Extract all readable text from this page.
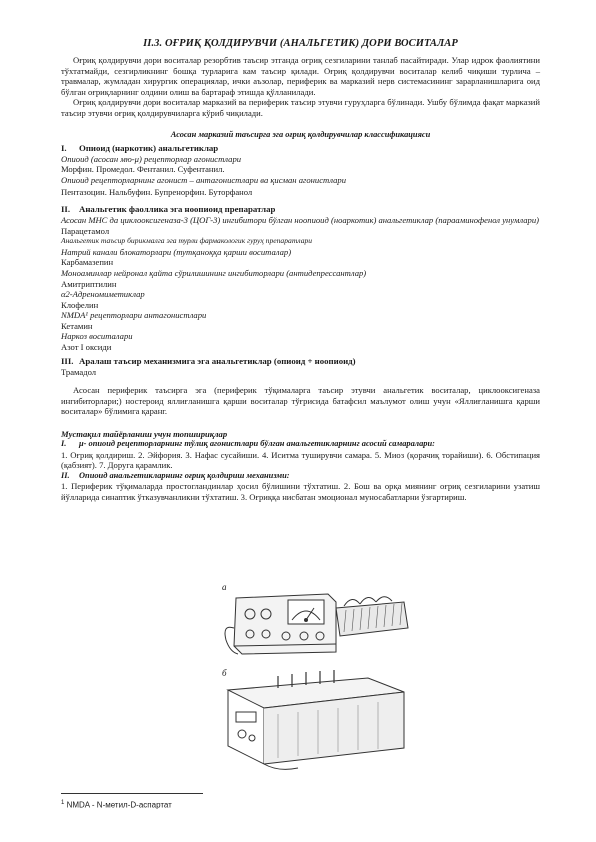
II.3. ОҒРИҚ ҚОЛДИРУВЧИ (АНАЛЬГЕТИК) ДОРИ ВОСИТАЛАР

Оғриқ қолдирувчи дори воситалар резорбтив таъсир этганда оғриқ сезгиларини танлаб пасайтиради. Улар идрок фаолиятини тўхтатмайди, сезгирликнинг бошқа турларига кам таъсир қилади. Оғриқ қолдирувчи воситалар келиб чиқиши турлича – травмалар, жумладан хирургик операциялар, ички аъзолар, периферик ва марказий нерв системасининг зарарланишларига оид бўлган оғриқларнинг олдини олиш ва бартараф этишда қўлланилади.

Оғриқ қолдирувчи дори воситалар марказий ва периферик таъсир этувчи гуруҳларга бўлинади. Ушбу бўлимда фақат марказий таъсир этувчи оғриқ қолдирувчиларга кўриб чиқилади.

Асосан марказий таъсирга эга оғриқ қолдирувчилар классификацияси
I. Опиоид (наркотик) анальгетиклар
Опиоид (асосан мю-μ) рецепторлар агонистлари
Морфин. Промедол. Фентанил. Суфентанил.
Опиоид рецепторларнинг агонист – антагонистлари ва қисман агонистлари
Пентазоцин. Нальбуфин. Бупренорфин. Буторфанол
II. Анальгетик фаоллика эга ноопиоид препаратлар

Асосан МНС да циклооксигеназа-3 (ЦОГ-3) ингибитори бўлган ноопиоид (ноаркотик) анальгетиклар (парааминофенол унумлари)

Парацетамол
Анальгетик таъсир бирикмалга эга турли фармакологик гуруҳ препаратлари
Натрий канали блокаторлари (тутқаноққа қарши воситалар)
Карбамазепин
Моноаминлар нейронал қайта сўрилишининг ингибиторлари (антидепрессантлар)
Амитриптилин
α2-Адреномиметиклар
Клофелин
NMDA¹ рецепторлари антагонистлари
Кетамин
Наркоз воситалари
Азот I оксиди
III. Аралаш таъсир механизмига эга анальгетиклар (опиоид + ноопиоид)
Трамадол

Асосан периферик таъсирга эга (периферик тўқималарга таъсир этувчи анальгетик воситалар, циклооксигеназа ингибиторлари;) ностероид яллиғланишга қарши воситалар тўғрисида батафсил маълумот олиш учун «Яллиғланишга қарши воситалар» бўлимига қаранг.

Мустақил тайёрланиш учун топшириқлар
I. μ- опиоид рецепторларнинг тўлиқ агонистлари бўлган анальгетикларнинг асосий самаралари:

1. Оғриқ қолдириш. 2. Эйфория. 3. Нафас сусайиши. 4. Иситма туширувчи самара. 5. Миоз (қорачиқ торайиши). 6. Обстипация (қабзият). 7. Доруга қарамлик.

II. Опиоид анальгетикларнинг оғриқ қолдириш механизми:

1. Периферик тўқималарда простогландинлар ҳосил бўлишини тўхтатиш. 2. Бош ва орқа миянинг оғриқ сезгиларини узатиш йўлларида синаптик ўтказувчанликни тўхтатиш. 3. Оғриққа нисбатан эмоционал муносабатларни ўзгартириш.

а
б
$^1$ NMDA - N-метил-D-аспартат
